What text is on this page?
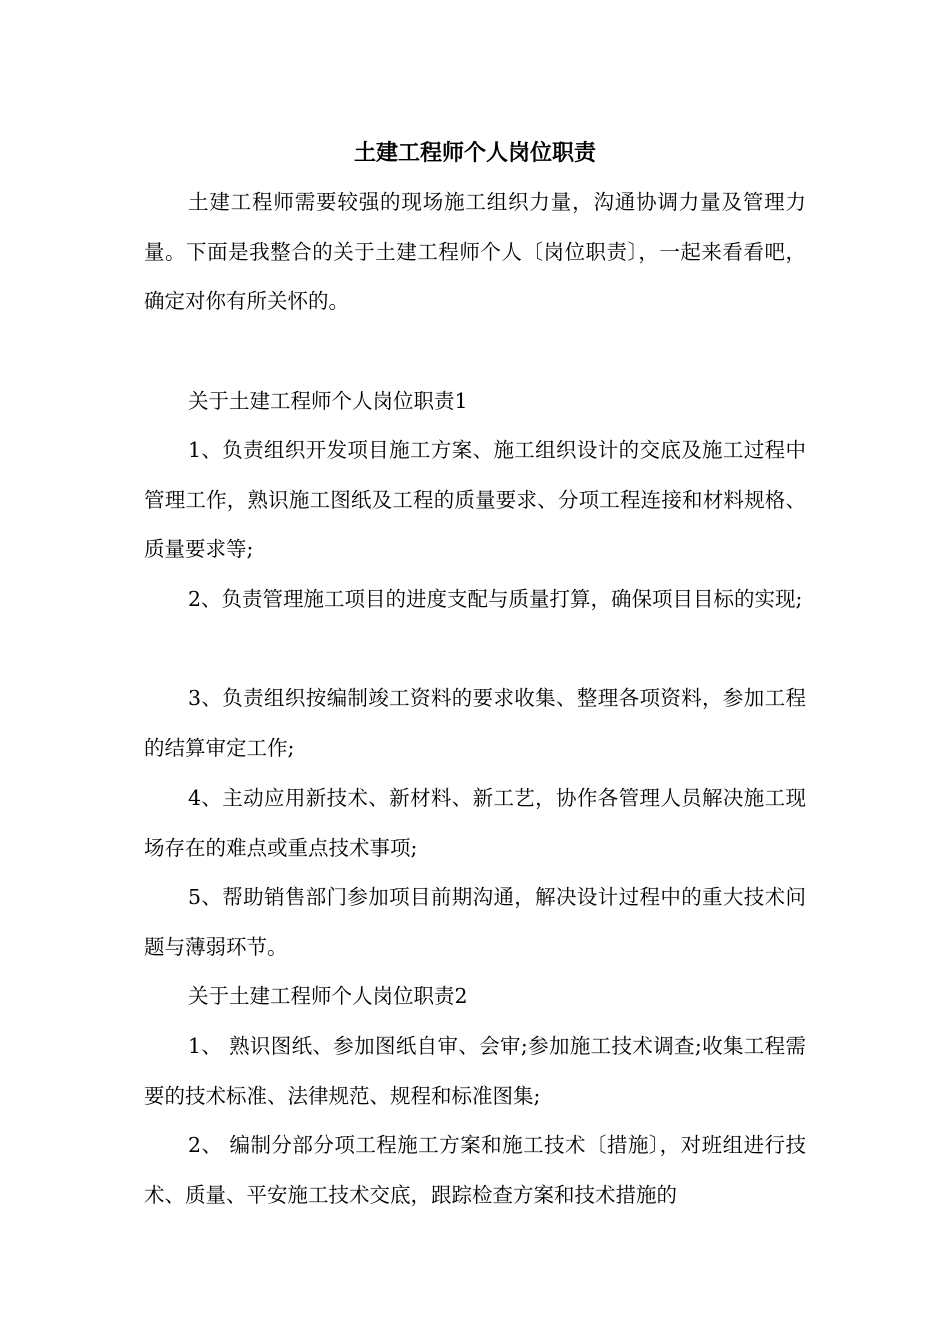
土建工程师个人岗位职责

土建工程师需要较强的现场施工组织力量，沟通协调力量及管理力量。下面是我整合的关于土建工程师个人〔岗位职责〕，一起来看看吧，确定对你有所关怀的。

关于土建工程师个人岗位职责1

1、负责组织开发项目施工方案、施工组织设计的交底及施工过程中管理工作，熟识施工图纸及工程的质量要求、分项工程连接和材料规格、质量要求等;

2、负责管理施工项目的进度支配与质量打算，确保项目目标的实现;

3、负责组织按编制竣工资料的要求收集、整理各项资料，参加工程的结算审定工作;

4、主动应用新技术、新材料、新工艺，协作各管理人员解决施工现场存在的难点或重点技术事项;

5、帮助销售部门参加项目前期沟通，解决设计过程中的重大技术问题与薄弱环节。

关于土建工程师个人岗位职责2

1、 熟识图纸、参加图纸自审、会审;参加施工技术调查;收集工程需要的技术标准、法律规范、规程和标准图集;

2、 编制分部分项工程施工方案和施工技术〔措施〕，对班组进行技术、质量、平安施工技术交底，跟踪检查方案和技术措施的
